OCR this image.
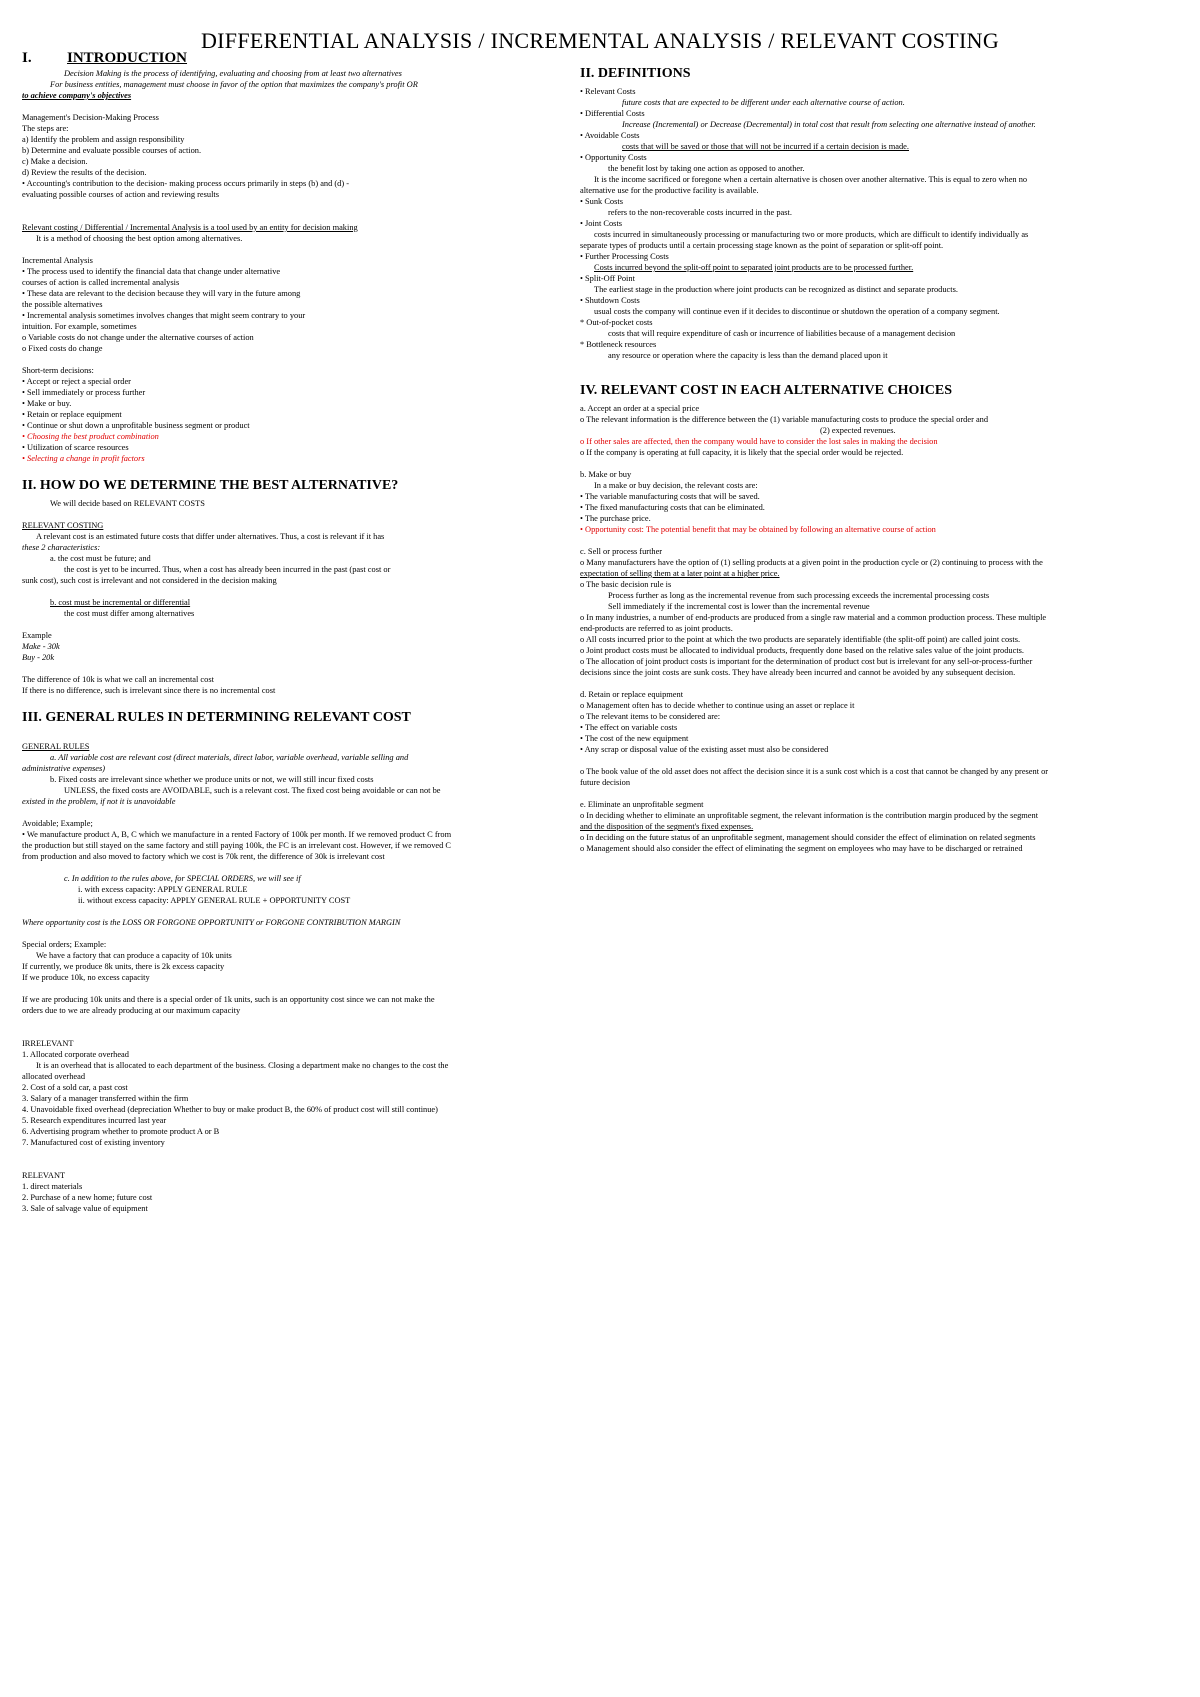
DIFFERENTIAL ANALYSIS / INCREMENTAL ANALYSIS / RELEVANT COSTING
I. INTRODUCTION
Decision Making is the process of identifying, evaluating and choosing from at least two alternatives
For business entities, management must choose in favor of the option that maximizes the company's profit OR
to achieve company's objectives
Management's Decision-Making Process
The steps are:
a) Identify the problem and assign responsibility
b) Determine and evaluate possible courses of action.
c) Make a decision.
d) Review the results of the decision.
• Accounting's contribution to the decision- making process occurs primarily in steps (b) and (d) -
evaluating possible courses of action and reviewing results
Relevant costing / Differential / Incremental Analysis is a tool used by an entity for decision making
It is a method of choosing the best option among alternatives.
Incremental Analysis
• The process used to identify the financial data that change under alternative
courses of action is called incremental analysis
• These data are relevant to the decision because they will vary in the future among
the possible alternatives
• Incremental analysis sometimes involves changes that might seem contrary to your
intuition. For example, sometimes
o Variable costs do not change under the alternative courses of action
o Fixed costs do change
Short-term decisions:
• Accept or reject a special order
• Sell immediately or process further
• Make or buy.
• Retain or replace equipment
• Continue or shut down a unprofitable business segment or product
• Choosing the best product combination
• Utilization of scarce resources
• Selecting a change in profit factors
II. HOW DO WE DETERMINE THE BEST ALTERNATIVE?
We will decide based on RELEVANT COSTS
RELEVANT COSTING
A relevant cost is an estimated future costs that differ under alternatives. Thus, a cost is relevant if it has
these 2 characteristics:
a. the cost must be future; and
the cost is yet to be incurred. Thus, when a cost has already been incurred in the past (past cost or
sunk cost), such cost is irrelevant and not considered in the decision making
b. cost must be incremental or differential
the cost must differ among alternatives
Example
Make - 30k
Buy - 20k
The difference of 10k is what we call an incremental cost
If there is no difference, such is irrelevant since there is no incremental cost
III. GENERAL RULES IN DETERMINING RELEVANT COST
GENERAL RULES
a. All variable cost are relevant cost (direct materials, direct labor, variable overhead, variable selling and
administrative expenses)
b. Fixed costs are irrelevant since whether we produce units or not, we will still incur fixed costs
UNLESS, the fixed costs are AVOIDABLE, such is a relevant cost. The fixed cost being avoidable or can not be
existed in the problem, if not it is unavoidable
Avoidable; Example;
• We manufacture product A, B, C which we manufacture in a rented Factory of 100k per month. If we removed product C from
the production but still stayed on the same factory and still paying 100k, the FC is an irrelevant cost. However, if we removed C
from production and also moved to factory which we cost is 70k rent, the difference of 30k is irrelevant cost
c. In addition to the rules above, for SPECIAL ORDERS, we will see if
i. with excess capacity: APPLY GENERAL RULE
ii. without excess capacity: APPLY GENERAL RULE + OPPORTUNITY COST
Where opportunity cost is the LOSS OR FORGONE OPPORTUNITY or FORGONE CONTRIBUTION MARGIN
Special orders; Example:
We have a factory that can produce a capacity of 10k units
If currently, we produce 8k units, there is 2k excess capacity
If we produce 10k, no excess capacity
If we are producing 10k units and there is a special order of 1k units, such is an opportunity cost since we can not make the
orders due to we are already producing at our maximum capacity
IRRELEVANT
1. Allocated corporate overhead
It is an overhead that is allocated to each department of the business. Closing a department make no changes to the cost the
allocated overhead
2. Cost of a sold car, a past cost
3. Salary of a manager transferred within the firm
4. Unavoidable fixed overhead (depreciation Whether to buy or make product B, the 60% of product cost will still continue)
5. Research expenditures incurred last year
6. Advertising program whether to promote product A or B
7. Manufactured cost of existing inventory
RELEVANT
1. direct materials
2. Purchase of a new home; future cost
3. Sale of salvage value of equipment
II. DEFINITIONS
• Relevant Costs
future costs that are expected to be different under each alternative course of action.
• Differential Costs
Increase (Incremental) or Decrease (Decremental) in total cost that result from selecting one alternative instead of another.
• Avoidable Costs
costs that will be saved or those that will not be incurred if a certain decision is made.
• Opportunity Costs
the benefit lost by taking one action as opposed to another.
It is the income sacrificed or foregone when a certain alternative is chosen over another alternative. This is equal to zero when no
alternative use for the productive facility is available.
• Sunk Costs
refers to the non-recoverable costs incurred in the past.
• Joint Costs
costs incurred in simultaneously processing or manufacturing two or more products, which are difficult to identify individually as
separate types of products until a certain processing stage known as the point of separation or split-off point.
• Further Processing Costs
Costs incurred beyond the split-off point to separated joint products are to be processed further.
• Split-Off Point
The earliest stage in the production where joint products can be recognized as distinct and separate products.
• Shutdown Costs
usual costs the company will continue even if it decides to discontinue or shutdown the operation of a company segment.
* Out-of-pocket costs
costs that will require expenditure of cash or incurrence of liabilities because of a management decision
* Bottleneck resources
any resource or operation where the capacity is less than the demand placed upon it
IV. RELEVANT COST IN EACH ALTERNATIVE CHOICES
a. Accept an order at a special price
o The relevant information is the difference between the (1) variable manufacturing costs to produce the special order and
(2) expected revenues.
o If other sales are affected, then the company would have to consider the lost sales in making the decision
o If the company is operating at full capacity, it is likely that the special order would be rejected.
b. Make or buy
In a make or buy decision, the relevant costs are:
• The variable manufacturing costs that will be saved.
• The fixed manufacturing costs that can be eliminated.
• The purchase price.
• Opportunity cost: The potential benefit that may be obtained by following an alternative course of action
c. Sell or process further
o Many manufacturers have the option of (1) selling products at a given point in the production cycle or (2) continuing to process with the
expectation of selling them at a later point at a higher price.
o The basic decision rule is
Process further as long as the incremental revenue from such processing exceeds the incremental processing costs
Sell immediately if the incremental cost is lower than the incremental revenue
o In many industries, a number of end-products are produced from a single raw material and a common production process. These multiple
end-products are referred to as joint products.
o All costs incurred prior to the point at which the two products are separately identifiable (the split-off point) are called joint costs.
o Joint product costs must be allocated to individual products, frequently done based on the relative sales value of the joint products.
o The allocation of joint product costs is important for the determination of product cost but is irrelevant for any sell-or-process-further
decisions since the joint costs are sunk costs. They have already been incurred and cannot be avoided by any subsequent decision.
d. Retain or replace equipment
o Management often has to decide whether to continue using an asset or replace it
o The relevant items to be considered are:
• The effect on variable costs
• The cost of the new equipment
• Any scrap or disposal value of the existing asset must also be considered
o The book value of the old asset does not affect the decision since it is a sunk cost which is a cost that cannot be changed by any present or
future decision
e. Eliminate an unprofitable segment
o In deciding whether to eliminate an unprofitable segment, the relevant information is the contribution margin produced by the segment
and the disposition of the segment's fixed expenses.
o In deciding on the future status of an unprofitable segment, management should consider the effect of elimination on related segments
o Management should also consider the effect of eliminating the segment on employees who may have to be discharged or retrained
